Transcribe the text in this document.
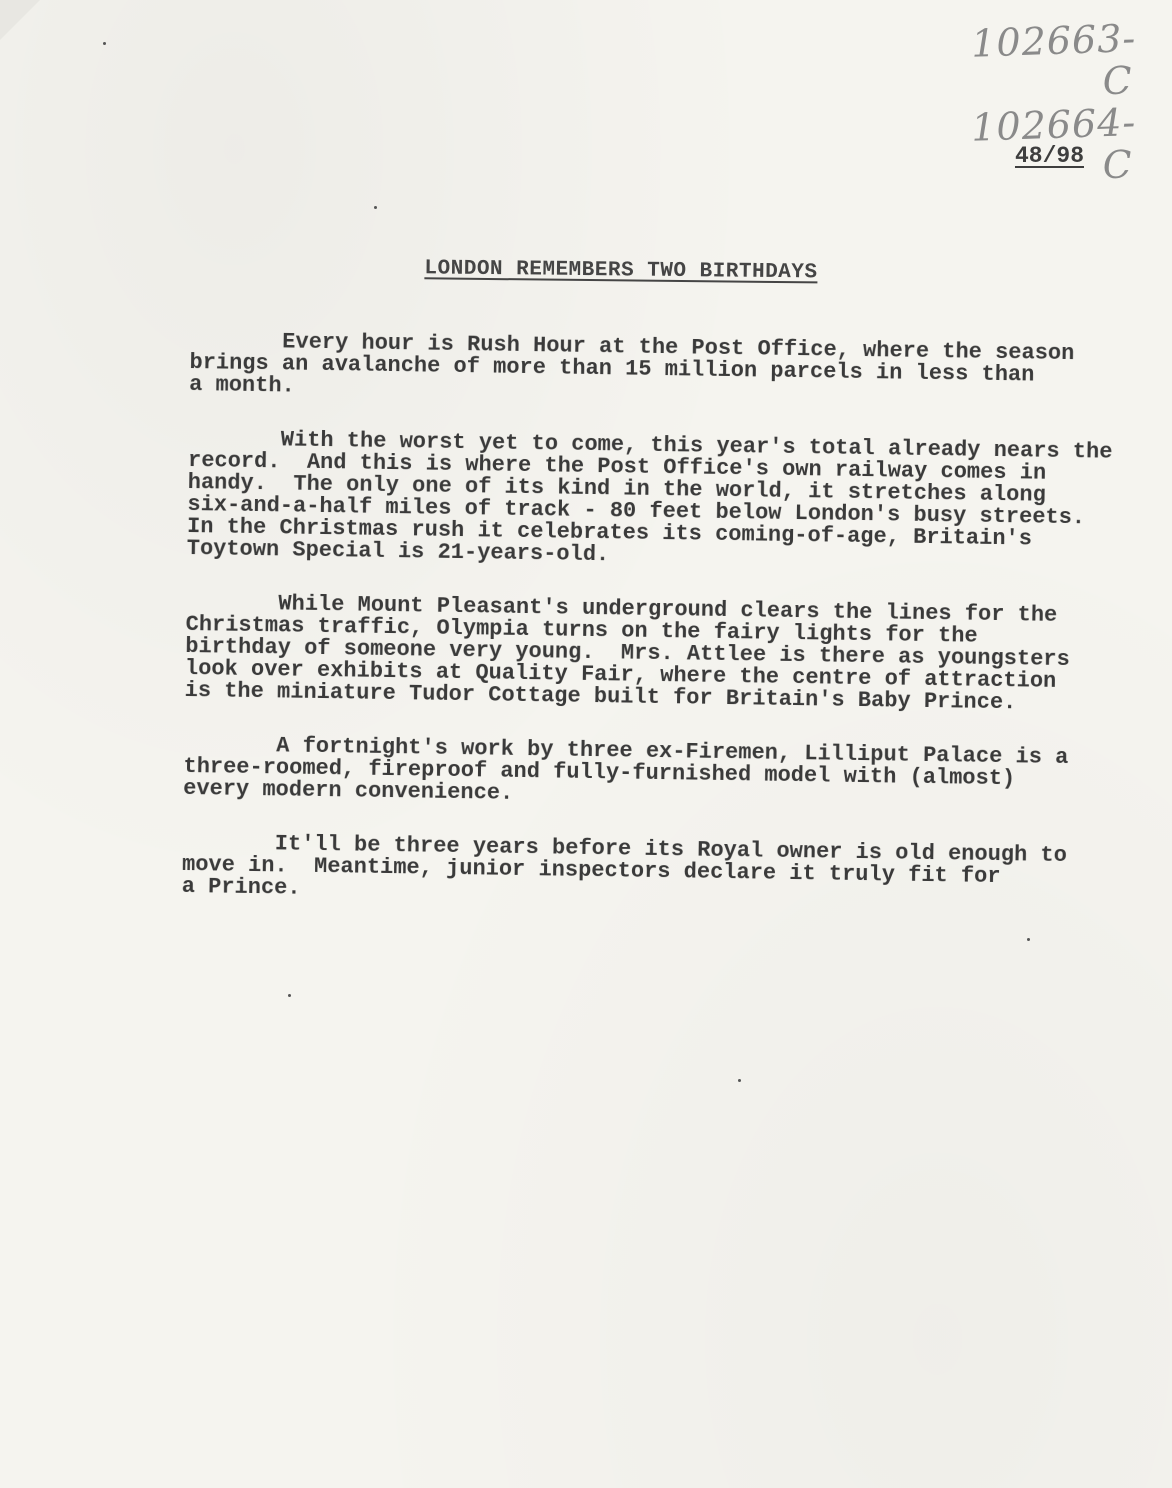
102663-C
102664-C
48/98
LONDON REMEMBERS TWO BIRTHDAYS

Every hour is Rush Hour at the Post Office, where the season
brings an avalanche of more than 15 million parcels in less than
a month.

With the worst yet to come, this year's total already nears the
record.  And this is where the Post Office's own railway comes in
handy.  The only one of its kind in the world, it stretches along
six-and-a-half miles of track - 80 feet below London's busy streets.
In the Christmas rush it celebrates its coming-of-age, Britain's
Toytown Special is 21-years-old.

While Mount Pleasant's underground clears the lines for the
Christmas traffic, Olympia turns on the fairy lights for the
birthday of someone very young.  Mrs. Attlee is there as youngsters
look over exhibits at Quality Fair, where the centre of attraction
is the miniature Tudor Cottage built for Britain's Baby Prince.

A fortnight's work by three ex-Firemen, Lilliput Palace is a
three-roomed, fireproof and fully-furnished model with (almost)
every modern convenience.

It'll be three years before its Royal owner is old enough to
move in.  Meantime, junior inspectors declare it truly fit for
a Prince.
